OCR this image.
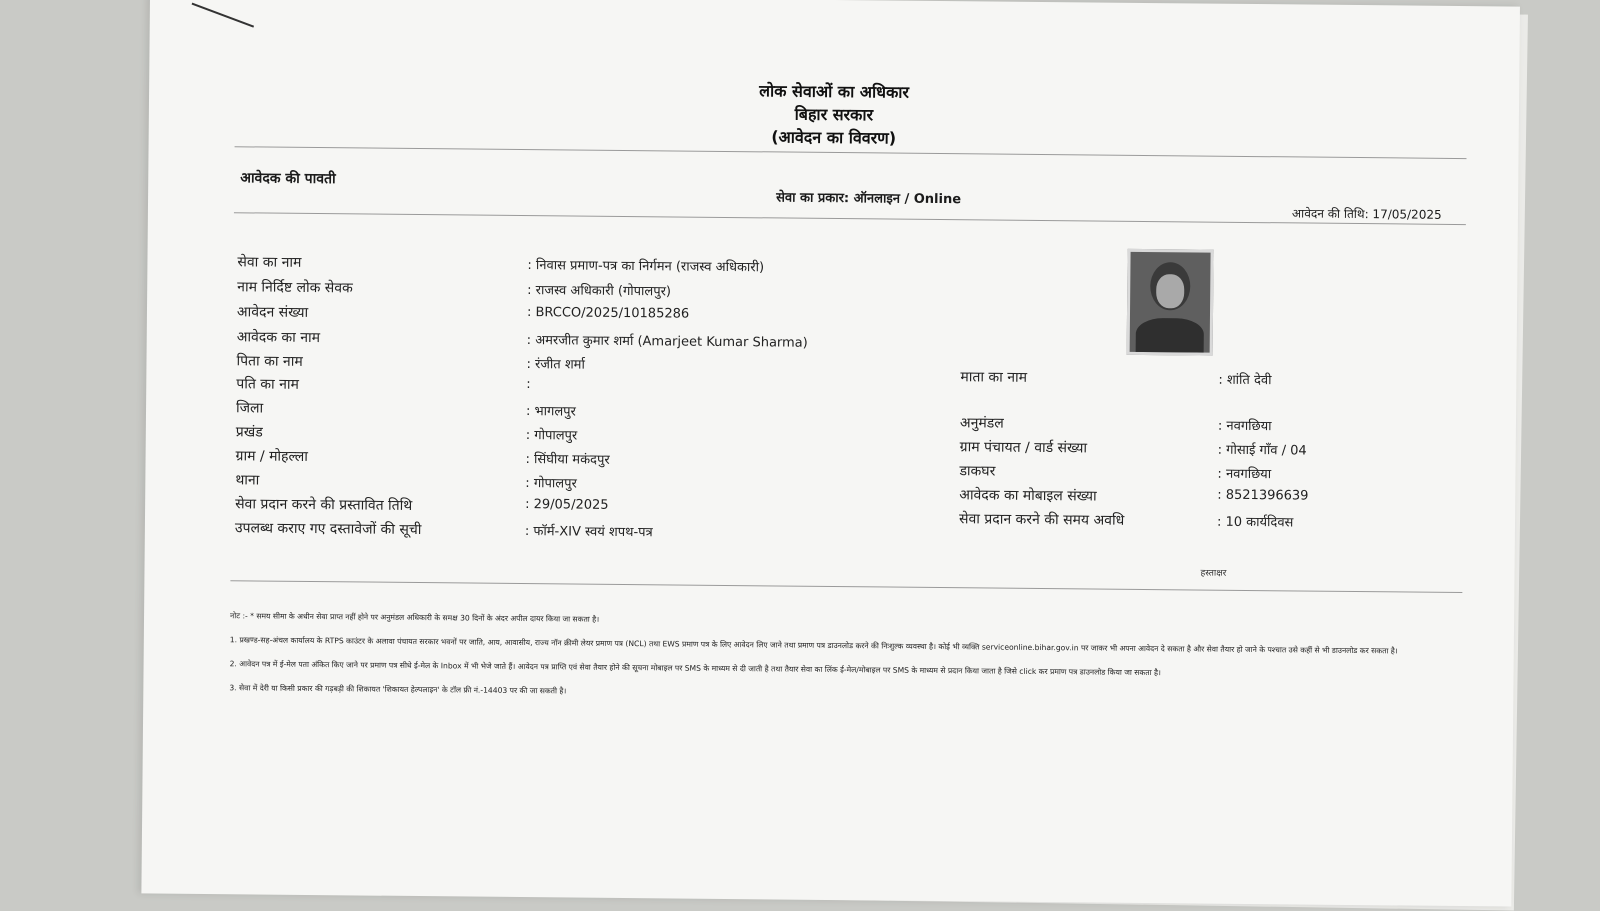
लोक सेवाओं का अधिकार
बिहार सरकार
(आवेदन का विवरण)
आवेदक की पावती
सेवा का प्रकार: ऑनलाइन / Online
आवेदन की तिथि: 17/05/2025
सेवा का नाम	: निवास प्रमाण-पत्र का निर्गमन (राजस्व अधिकारी)
नाम निर्दिष्ट लोक सेवक	: राजस्व अधिकारी (गोपालपुर)
आवेदन संख्या	: BRCCO/2025/10185286
आवेदक का नाम	: अमरजीत कुमार शर्मा (Amarjeet Kumar Sharma)
पिता का नाम	: रंजीत शर्मा
पति का नाम	:
जिला	: भागलपुर
प्रखंड	: गोपालपुर
ग्राम / मोहल्ला	: सिंघीया मकंदपुर
थाना	: गोपालपुर
सेवा प्रदान करने की प्रस्तावित तिथि	: 29/05/2025
उपलब्ध कराए गए दस्तावेजों की सूची	: फॉर्म-XIV स्वयं शपथ-पत्र
माता का नाम	: शांति देवी
अनुमंडल	: नवगछिया
ग्राम पंचायत / वार्ड संख्या	: गोसाई गाँव / 04
डाकघर	: नवगछिया
आवेदक का मोबाइल संख्या	: 8521396639
सेवा प्रदान करने की समय अवधि	: 10 कार्यदिवस
हस्ताक्षर

नोट :- * समय सीमा के अधीन सेवा प्राप्त नहीं होने पर अनुमंडल अधिकारी के समक्ष 30 दिनों के अंदर अपील दायर किया जा सकता है।

1. प्रखण्ड-सह-अंचल कार्यालय के RTPS काउंटर के अलावा पंचायत सरकार भवनों पर जाति, आय, आवासीय, राज्य नॉन क्रीमी लेयर प्रमाण पत्र (NCL) तथा EWS प्रमाण पत्र के लिए आवेदन लिए जाने तथा प्रमाण पत्र डाउनलोड करने की निःशुल्क व्यवस्था है। कोई भी व्यक्ति serviceonline.bihar.gov.in पर जाकर भी अपना आवेदन दे सकता है और सेवा तैयार हो जाने के पश्चात उसे कहीं से भी डाउनलोड कर सकता है।

2. आवेदन पत्र में ई-मेल पता अंकित किए जाने पर प्रमाण पत्र सीधे ई-मेल के Inbox में भी भेजे जाते हैं। आवेदन पत्र प्राप्ति एवं सेवा तैयार होने की सूचना मोबाइल पर SMS के माध्यम से दी जाती है तथा तैयार सेवा का लिंक ई-मेल/मोबाइल पर SMS के माध्यम से प्रदान किया जाता है जिसे click कर प्रमाण पत्र डाउनलोड किया जा सकता है।

3. सेवा में देरी या किसी प्रकार की गड़बड़ी की शिकायत 'शिकायत हेल्पलाइन' के टॉल फ्री नं.-14403 पर की जा सकती है।
